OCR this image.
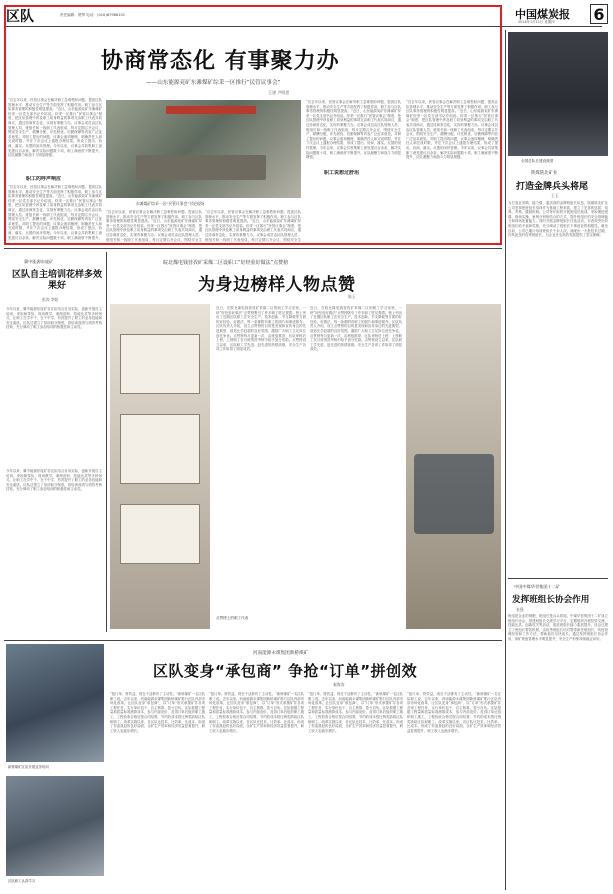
区队	责任编辑：樊琴 电话：(010)87986101	中国煤炭报
2024年1月11日 星期四 6
协商常态化 有事聚力办
——山东能源兖矿东滩煤矿综采一区推行“民管议事会”
王建 尹明恩
“自去年以来，民管议事会在解决职工急难愁盼问题、提高区队管理水平、推动安全生产等方面发挥了积极作用，职工参与区队事务管理的积极性明显提高。”近日，山东能源兖矿东滩煤矿综采一区党支部书记介绍说。综采一区推行“民管议事会”制度，把区队管理中涉及职工切身利益的事项交由职工代表共同商议，通过协商常态化，实现有事聚力办。议事会成员由区队管理人员、班组长和一线职工代表组成，每月定期召开会议，围绕安全生产、薪酬分配、评先树优、后勤保障等内容广泛征求意见。对职工提出的问题，议事会逐项梳理，明确责任人和完成时限，并在下次会议上通报办理结果，形成了提出、协商、落实、反馈的闭环管理。今年以来，议事会共收集职工意见建议百余条，解决实际问题数十项，职工满意度不断提升，区队凝聚力和战斗力明显增强。
职工的呼声响应
“自去年以来，民管议事会在解决职工急难愁盼问题、提高区队管理水平、推动安全生产等方面发挥了积极作用，职工参与区队事务管理的积极性明显提高。”近日，山东能源兖矿东滩煤矿综采一区党支部书记介绍说。综采一区推行“民管议事会”制度，把区队管理中涉及职工切身利益的事项交由职工代表共同商议，通过协商常态化，实现有事聚力办。议事会成员由区队管理人员、班组长和一线职工代表组成，每月定期召开会议，围绕安全生产、薪酬分配、评先树优、后勤保障等内容广泛征求意见。对职工提出的问题，议事会逐项梳理，明确责任人和完成时限，并在下次会议上通报办理结果，形成了提出、协商、落实、反馈的闭环管理。今年以来，议事会共收集职工意见建议百余条，解决实际问题数十项，职工满意度不断提升，
东滩煤矿综采一区“民管议事会”讨论现场
“自去年以来，民管议事会在解决职工急难愁盼问题、提高区队管理水平、推动安全生产等方面发挥了积极作用，职工参与区队事务管理的积极性明显提高。”近日，山东能源兖矿东滩煤矿综采一区党支部书记介绍说。综采一区推行“民管议事会”制度，把区队管理中涉及职工切身利益的事项交由职工代表共同商议，通过协商常态化，实现有事聚力办。议事会成员由区队管理人员、班组长和一线职工代表组成，每月定期召开会议，围绕安全生
“自去年以来，民管议事会在解决职工急难愁盼问题、提高区队管理水平、推动安全生产等方面发挥了积极作用，职工参与区队事务管理的积极性明显提高。”近日，山东能源兖矿东滩煤矿综采一区党支部书记介绍说。综采一区推行“民管议事会”制度，把区队管理中涉及职工切身利益的事项交由职工代表共同商议，通过协商常态化，实现有事聚力办。议事会成员由区队管理人员、班组长和一线职工代表组成，每月定期召开会议，围绕安全生
“自去年以来，民管议事会在解决职工急难愁盼问题、提高区队管理水平、推动安全生产等方面发挥了积极作用，职工参与区队事务管理的积极性明显提高。”近日，山东能源兖矿东滩煤矿综采一区党支部书记介绍说。综采一区推行“民管议事会”制度，把区队管理中涉及职工切身利益的事项交由职工代表共同商议，通过协商常态化，实现有事聚力办。议事会成员由区队管理人员、班组长和一线职工代表组成，每月定期召开会议，围绕安全生产、薪酬分配、评先树优、后勤保障等内容广泛征求意见。对职工提出的问题，议事会逐项梳理，明确责任人和完成时限，并在下次会议上通报办理结果，形成了提出、协商、落实、反馈的闭环管理。今年以来，议事会共收集职工意见建议百余条，解决实际问题数十项，职工满意度不断提升，区队凝聚力和战斗力明显增强。
职工说想过舒坦
“自去年以来，民管议事会在解决职工急难愁盼问题、提高区队管理水平、推动安全生产等方面发挥了积极作用，职工参与区队事务管理的积极性明显提高。”近日，山东能源兖矿东滩煤矿综采一区党支部书记介绍说。综采一区推行“民管议事会”制度，把区队管理中涉及职工切身利益的事项交由职工代表共同商议，通过协商常态化，实现有事聚力办。议事会成员由区队管理人员、班组长和一线职工代表组成，每月定期召开会议，围绕安全生产、薪酬分配、评先树优、后勤保障等内容广泛征求意见。对职工提出的问题，议事会逐项梳理，明确责任人和完成时限，并在下次会议上通报办理结果，形成了提出、协商、落实、反馈的闭环管理。今年以来，议事会共收集职工意见建议百余条，解决实际问题数十项，职工满意度不断提升，区队凝聚力和战斗力明显增强。
全国总队长建设典型
陕煤陕北矿业
打造金牌兵头将尾
王玉
为打造业务精、能力强、素质高的金牌班组长队伍，陕煤陕北矿业公司坚持把班组长培训作为基础工程来抓，建立了完善的选拔、培养、考核、激励机制。公司每年组织开展班组长轮训，采取理论授课、现场实操、案例分析相结合的方式，提升班组长的安全管理能力和现场处置能力。同时开展金牌班组长评选活动，对表现突出的班组长给予表彰奖励，充分调动了班组长干事创业的积极性。截至目前，公司已累计培训班组长千余人次，涌现出一大批技术过硬、作风优良的优秀班组长，为企业安全高效发展提供了坚实保障。
中国中煤华晋集团十二矿
发挥班组长协会作用
张强
班组是企业的细胞，班组长是兵头将尾。中煤华晋集团十二矿成立班组长协会，搭建班组长交流学习平台，定期组织开展经验交流、技能比武、创新攻关等活动，促进班组长能力素质提升。协会还建立了班组长帮扶机制，由优秀班组长结对帮带新任班组长，传授管理经验和工作方法，帮助他们尽快成长。通过发挥班组长协会作用，该矿班组管理水平明显提升，安全生产形势持续稳定向好。
冀中能源东庞矿
区队自主培训花样多效果好
彭涛 李阳
今年以来，冀中能源东庞矿各区队结合自身实际，创新开展自主培训，采取师带徒、现场教学、案例剖析、技能比武等多种形式，让职工在学中干、在干中学，有效提升了职工的业务技能和安全素质。区队还建立了培训积分制度，将培训成绩与绩效考核挂钩，充分调动了职工参加培训的积极性和主动性。
今年以来，冀中能源东庞矿各区队结合自身实际，创新开展自主培训，采取师带徒、现场教学、案例剖析、技能比武等多种形式，让职工在学中干、在干中学，有效提升了职工的业务技能和安全素质。区队还建立了培训积分制度，将培训成绩与绩效考核挂钩，充分调动了职工参加培训的积极性和主动性。
皖北煤电钱营孜矿采煤二区设职工“好经验好做法”点赞榜
为身边榜样人物点赞
陈玉
点赞榜上的职工代表
近日，在皖北煤电钱营孜矿采煤二区的职工学习室里，一块“好经验好做法”点赞榜吸引了许多职工驻足观看。榜上列出了近期区队职工在安全生产、技术创新、节支降耗等方面的好经验、好做法，每一条都附有职工的照片和事迹简介。区队负责人介绍，设立点赞榜的目的是发现和宣传身边的先进典型，营造比学赶超的良好氛围，激励广大职工立足岗位创先争优。点赞榜每月更新一次，由班组推荐、区队审核后上榜，上榜职工在月度绩效考核中给予加分奖励。点赞榜设立以来，区队职工学先进、赶先进的热情高涨，安全生产各项工作取得了明显成效。
近日，在皖北煤电钱营孜矿采煤二区的职工学习室里，一块“好经验好做法”点赞榜吸引了许多职工驻足观看。榜上列出了近期区队职工在安全生产、技术创新、节支降耗等方面的好经验、好做法，每一条都附有职工的照片和事迹简介。区队负责人介绍，设立点赞榜的目的是发现和宣传身边的先进典型，营造比学赶超的良好氛围，激励广大职工立足岗位创先争优。点赞榜每月更新一次，由班组推荐、区队审核后上榜，上榜职工在月度绩效考核中给予加分奖励。点赞榜设立以来，区队职工学先进、赶先进的热情高涨，安全生产各项工作取得了明显成效。
新桥煤矿区队开展业务培训
区队职工认真学习
河南能源永煤集团新桥煤矿
区队变身“承包商” 争抢“订单”拼创效
秦海涛
“抢订单、拼效益，现在干活都有了主动性。”新桥煤矿一名区队职工说。去年以来，河南能源永煤集团新桥煤矿推行区队内部市场化改革，让区队变身“承包商”，以“订单”形式承揽矿井各项工程任务，实行单价包干、自主核算、盈亏自负。区队根据工程量和质量标准测算成本，参与内部竞价，竞得订单后组织职工施工，工程验收合格后按合同结算，节约的成本按比例奖励给区队和职工。改革实施以来，各区队比技术、比效率、比成本，形成了你追我赶的良好局面，全矿生产效率和经济效益显著提升，职工收入也稳步增长。
“抢订单、拼效益，现在干活都有了主动性。”新桥煤矿一名区队职工说。去年以来，河南能源永煤集团新桥煤矿推行区队内部市场化改革，让区队变身“承包商”，以“订单”形式承揽矿井各项工程任务，实行单价包干、自主核算、盈亏自负。区队根据工程量和质量标准测算成本，参与内部竞价，竞得订单后组织职工施工，工程验收合格后按合同结算，节约的成本按比例奖励给区队和职工。改革实施以来，各区队比技术、比效率、比成本，形成了你追我赶的良好局面，全矿生产效率和经济效益显著提升，职工收入也稳步增长。
“抢订单、拼效益，现在干活都有了主动性。”新桥煤矿一名区队职工说。去年以来，河南能源永煤集团新桥煤矿推行区队内部市场化改革，让区队变身“承包商”，以“订单”形式承揽矿井各项工程任务，实行单价包干、自主核算、盈亏自负。区队根据工程量和质量标准测算成本，参与内部竞价，竞得订单后组织职工施工，工程验收合格后按合同结算，节约的成本按比例奖励给区队和职工。改革实施以来，各区队比技术、比效率、比成本，形成了你追我赶的良好局面，全矿生产效率和经济效益显著提升，职工收入也稳步增长。
“抢订单、拼效益，现在干活都有了主动性。”新桥煤矿一名区队职工说。去年以来，河南能源永煤集团新桥煤矿推行区队内部市场化改革，让区队变身“承包商”，以“订单”形式承揽矿井各项工程任务，实行单价包干、自主核算、盈亏自负。区队根据工程量和质量标准测算成本，参与内部竞价，竞得订单后组织职工施工，工程验收合格后按合同结算，节约的成本按比例奖励给区队和职工。改革实施以来，各区队比技术、比效率、比成本，形成了你追我赶的良好局面，全矿生产效率和经济效益显著提升，职工收入也稳步增长。
